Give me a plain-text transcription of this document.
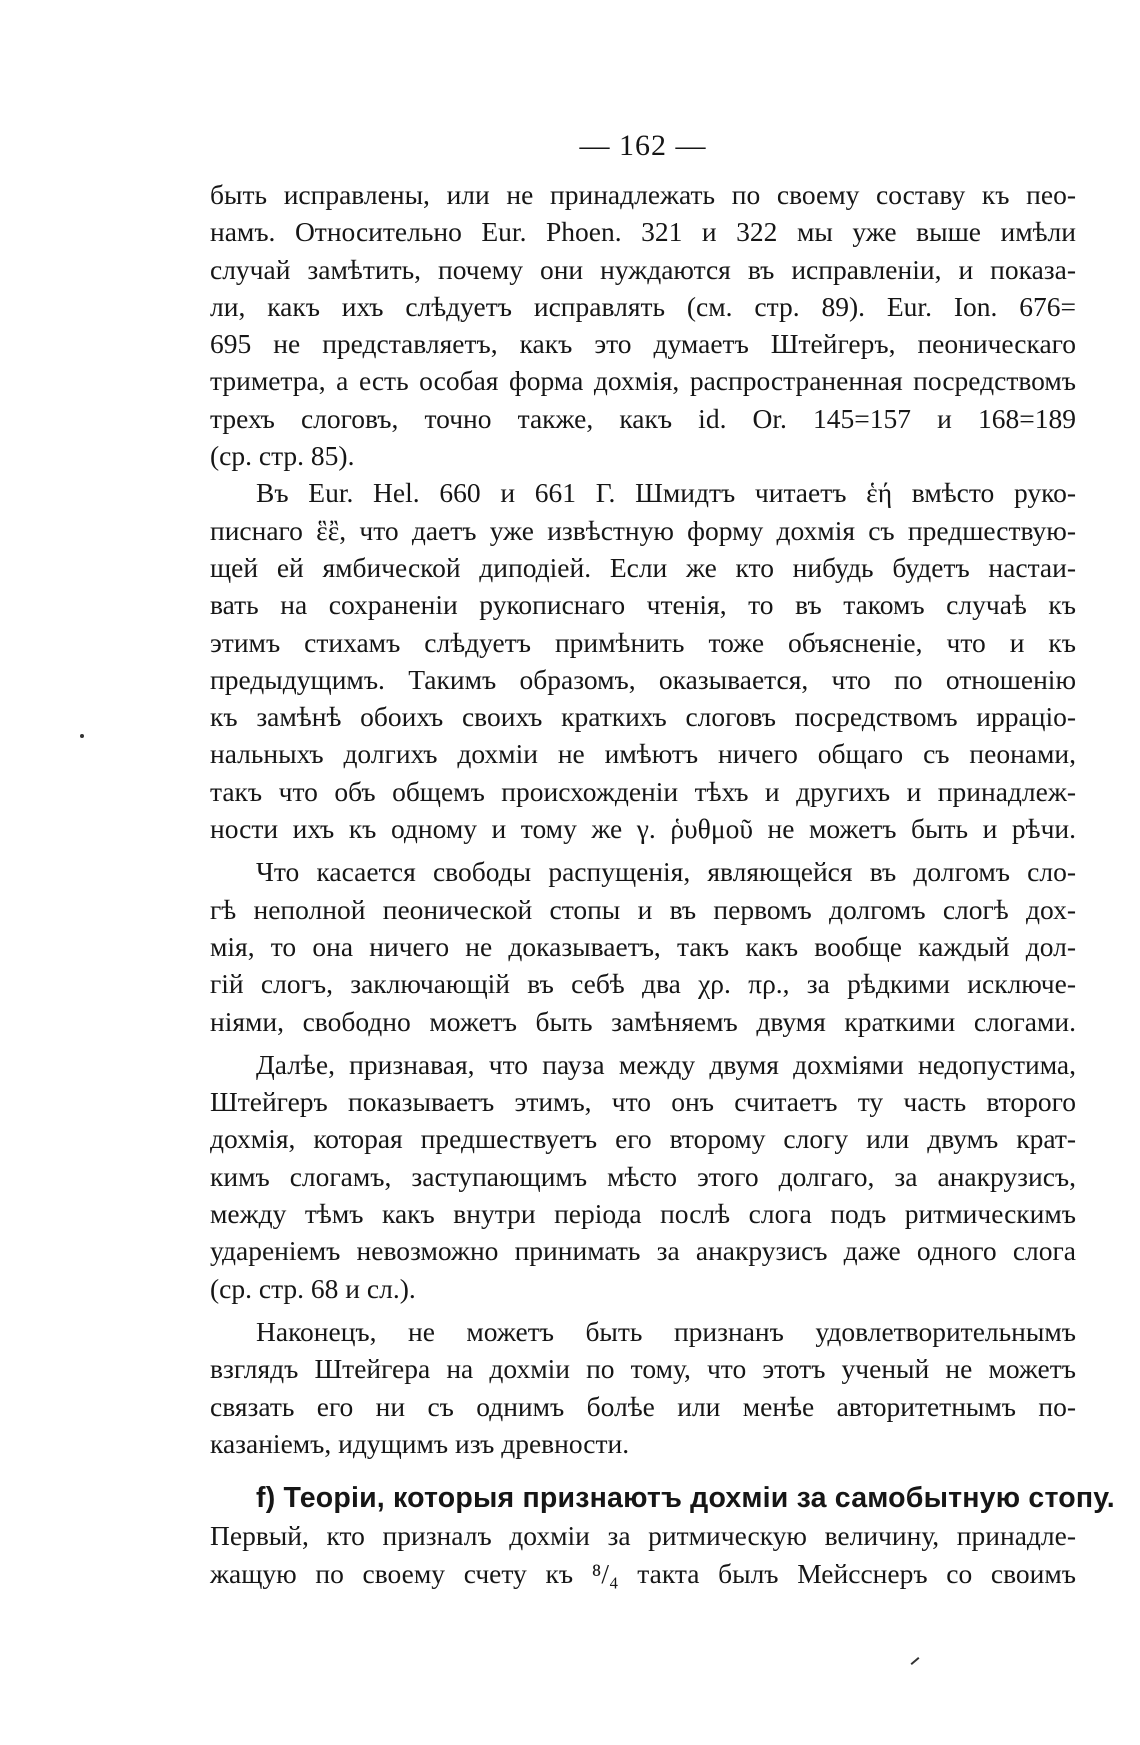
— 162 —
быть исправлены, или не принадлежать по своему составу къ пео-
намъ. Относительно Eur. Phoen. 321 и 322 мы уже выше имѣли
случай замѣтить, почему они нуждаются въ исправленіи, и показа-
ли, какъ ихъ слѣдуетъ исправлять (см. стр. 89). Eur. Ion. 676=
695 не представляетъ, какъ это думаетъ Штейгеръ, пеоническаго
триметра, а есть особая форма дохмія, распространенная посредствомъ
трехъ слоговъ, точно также, какъ id. Or. 145=157 и 168=189
(ср. стр. 85).
Въ Eur. Hel. 660 и 661 Г. Шмидтъ читаетъ ἑή вмѣсто руко-
писнаго ἓἒ, что даетъ уже извѣстную форму дохмія съ предшествую-
щей ей ямбической диподіей. Если же кто нибудь будетъ настаи-
вать на сохраненіи рукописнаго чтенія, то въ такомъ случаѣ къ
этимъ стихамъ слѣдуетъ примѣнить тоже объясненіе, что и къ
предыдущимъ. Такимъ образомъ, оказывается, что по отношенію
къ замѣнѣ обоихъ своихъ краткихъ слоговъ посредствомъ ирраціо-
нальныхъ долгихъ дохміи не имѣютъ ничего общаго съ пеонами,
такъ что объ общемъ происхожденіи тѣхъ и другихъ и принадлеж-
ности ихъ къ одному и тому же γ. ῥυθμοῦ не можетъ быть и рѣчи.
Что касается свободы распущенія, являющейся въ долгомъ сло-
гѣ неполной пеонической стопы и въ первомъ долгомъ слогѣ дох-
мія, то она ничего не доказываетъ, такъ какъ вообще каждый дол-
гій слогъ, заключающій въ себѣ два χρ. πρ., за рѣдкими исключе-
ніями, свободно можетъ быть замѣняемъ двумя краткими слогами.
Далѣе, признавая, что пауза между двумя дохміями недопустима,
Штейгеръ показываетъ этимъ, что онъ считаетъ ту часть второго
дохмія, которая предшествуетъ его второму слогу или двумъ крат-
кимъ слогамъ, заступающимъ мѣсто этого долгаго, за анакрузисъ,
между тѣмъ какъ внутри періода послѣ слога подъ ритмическимъ
удареніемъ невозможно принимать за анакрузисъ даже одного слога
(ср. стр. 68 и сл.).
Наконецъ, не можетъ быть признанъ удовлетворительнымъ
взглядъ Штейгера на дохміи по тому, что этотъ ученый не можетъ
связать его ни съ однимъ болѣе или менѣе авторитетнымъ по-
казаніемъ, идущимъ изъ древности.
f) Теоріи, которыя признаютъ дохміи за самобытную стопу.
Первый, кто призналъ дохміи за ритмическую величину, принадле-
жащую по своему счету къ ⁸/₄ такта былъ Мейсснеръ со своимъ
